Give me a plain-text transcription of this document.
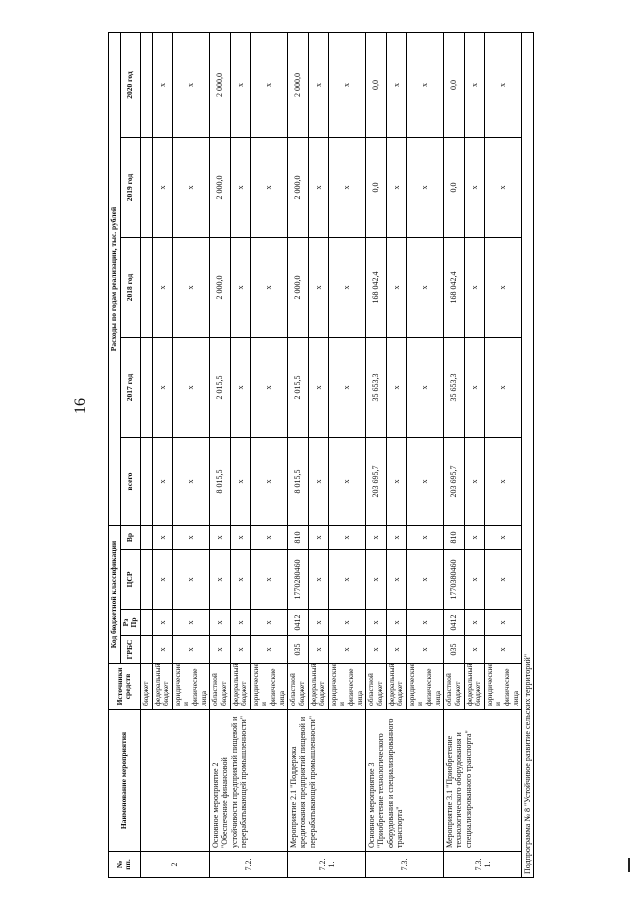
16
№ пп.	Наименование мероприятия	Источники средств	Код бюджетной классификации				Расходы по годам реализации, тыс. рублей				
			ГРБС	Рз Пр	ЦСР	Вр	всего	2017 год	2018 год	2019 год	2020 год
2		бюджет									
		федеральный бюджет	x	x	x	x	x	x	x	x	x
		юридические и физические лица	x	x	x	x	x	x	x	x	x
7.2.	Основное мероприятие 2 "Обеспечение финансовой устойчивости предприятий пищевой и перерабатывающей промышленности"	областной бюджет	x	x	x	x	8 015,5	2 015,5	2 000,0	2 000,0	2 000,0
		федеральный бюджет	x	x	x	x	x	x	x	x	x
		юридические и физические лица	x	x	x	x	x	x	x	x	x
7.2. 1.	Мероприятие 2.1 "Поддержка кредитования предприятий пищевой и перерабатывающей промышленности"	областной бюджет	035	0412	1770280460	810	8 015,5	2 015,5	2 000,0	2 000,0	2 000,0
		федеральный бюджет	x	x	x	x	x	x	x	x	x
		юридические и физические лица	x	x	x	x	x	x	x	x	x
7.3.	Основное мероприятие 3 "Приобретение технологического оборудования и специализированного транспорта"	областной бюджет	x	x	x	x	203 695,7	35 653,3	168 042,4	0,0	0,0
		федеральный бюджет	x	x	x	x	x	x	x	x	x
		юридические и физические лица	x	x	x	x	x	x	x	x	x
7.3. 1.	Мероприятие 3.1 "Приобретение технологического оборудования и специализированного транспорта"	областной бюджет	035	0412	1770380460	810	203 695,7	35 653,3	168 042,4	0,0	0,0
		федеральный бюджет	x	x	x	x	x	x	x	x	x
		юридические и физические лица	x	x	x	x	x	x	x	x	x
Подпрограмма № 8 "Устойчивое развитие сельских территорий"											
